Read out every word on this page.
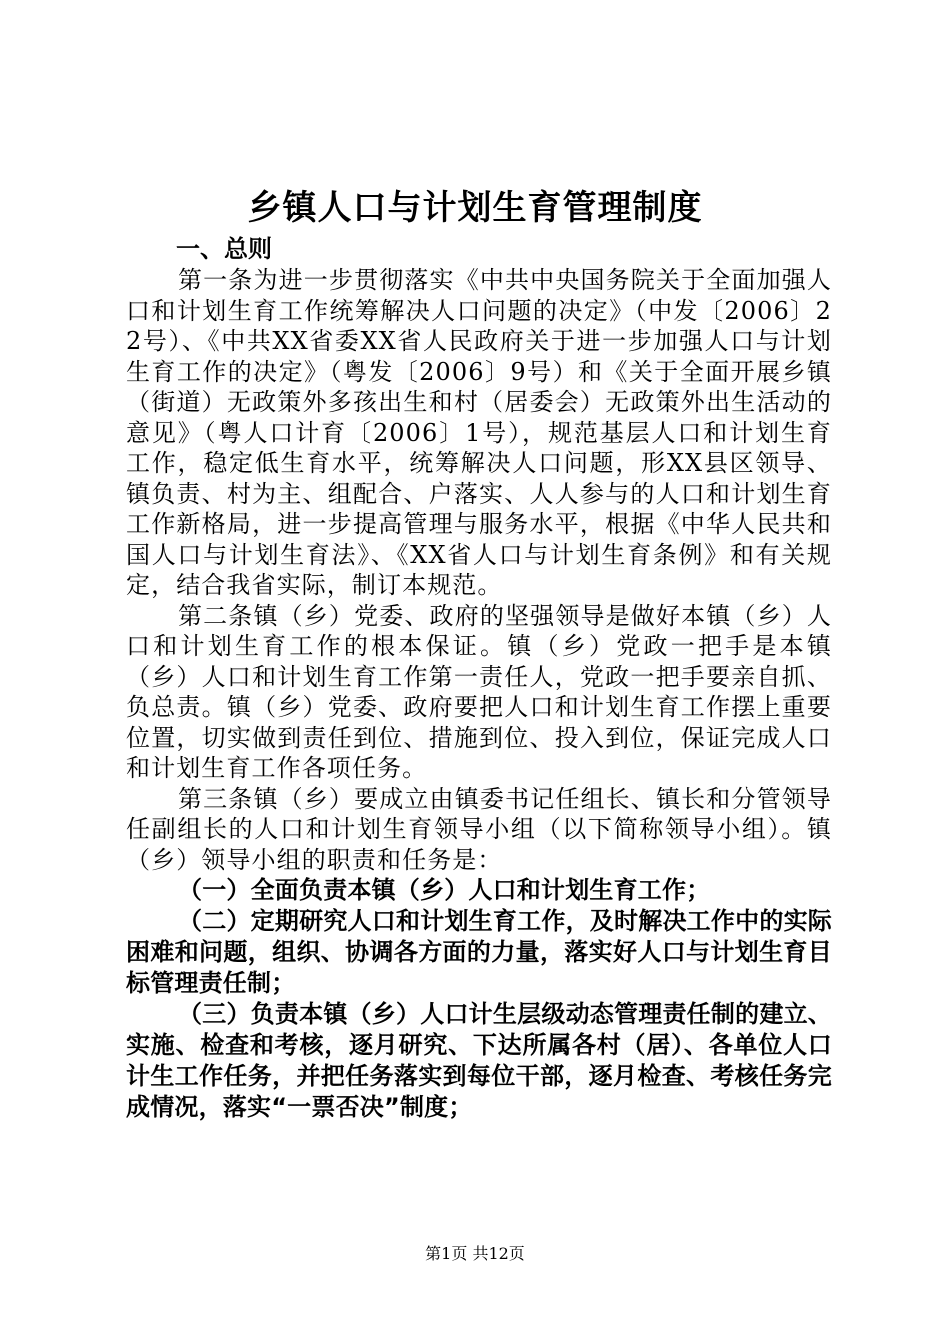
乡镇人口与计划生育管理制度

一、总则

第一条为进一步贯彻落实《中共中央国务院关于全面加强人口和计划生育工作统筹解决人口问题的决定》（中发〔2006〕22号）、《中共XX省委XX省人民政府关于进一步加强人口与计划生育工作的决定》（粤发〔2006〕9号）和《关于全面开展乡镇（街道）无政策外多孩出生和村（居委会）无政策外出生活动的意见》（粤人口计育〔2006〕1号），规范基层人口和计划生育工作，稳定低生育水平，统筹解决人口问题，形XX县区领导、镇负责、村为主、组配合、户落实、人人参与的人口和计划生育工作新格局，进一步提高管理与服务水平，根据《中华人民共和国人口与计划生育法》、《XX省人口与计划生育条例》和有关规定，结合我省实际，制订本规范。

第二条镇（乡）党委、政府的坚强领导是做好本镇（乡）人口和计划生育工作的根本保证。镇（乡）党政一把手是本镇（乡）人口和计划生育工作第一责任人，党政一把手要亲自抓、负总责。镇（乡）党委、政府要把人口和计划生育工作摆上重要位置，切实做到责任到位、措施到位、投入到位，保证完成人口和计划生育工作各项任务。

第三条镇（乡）要成立由镇委书记任组长、镇长和分管领导任副组长的人口和计划生育领导小组（以下简称领导小组）。镇（乡）领导小组的职责和任务是：

（一）全面负责本镇（乡）人口和计划生育工作；

（二）定期研究人口和计划生育工作，及时解决工作中的实际困难和问题，组织、协调各方面的力量，落实好人口与计划生育目标管理责任制；

（三）负责本镇（乡）人口计生层级动态管理责任制的建立、实施、检查和考核，逐月研究、下达所属各村（居）、各单位人口计生工作任务，并把任务落实到每位干部，逐月检查、考核任务完成情况，落实“一票否决”制度；

第1页 共12页
